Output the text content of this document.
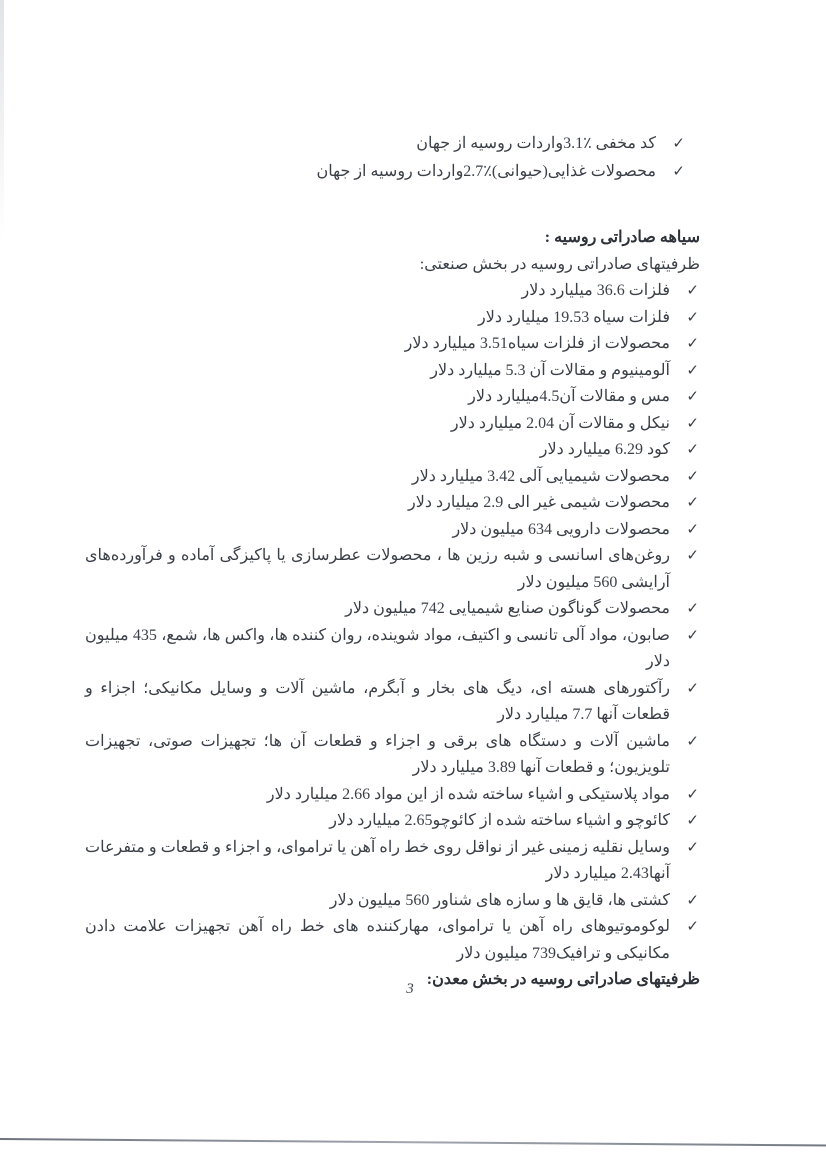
✓
کد مخفی ٪3.1واردات روسیه از جهان
✓
محصولات غذایی(حیوانی)٪2.7واردات روسیه از جهان
سیاهه صادراتی روسیه :
ظرفیتهای صادراتی روسیه در بخش صنعتی:
✓
فلزات 36.6 میلیارد دلار
✓
فلزات سیاه 19.53 میلیارد دلار
✓
محصولات از فلزات سیاه3.51 میلیارد دلار
✓
آلومینیوم و مقالات آن 5.3 میلیارد دلار
✓
مس و مقالات آن4.5میلیارد دلار
✓
نیکل و مقالات آن 2.04 میلیارد دلار
✓
کود 6.29 میلیارد دلار
✓
محصولات شیمیایی آلی 3.42 میلیارد دلار
✓
محصولات شیمی غیر الی 2.9 میلیارد دلار
✓
محصولات دارویی 634 میلیون دلار
✓
روغن‌های اسانسی و شبه رزین ها ، محصولات عطرسازی یا پاکیزگی آماده و فرآورده‌های آرایشی 560 میلیون دلار
✓
محصولات گوناگون صنایع شیمیایی 742 میلیون دلار
✓
صابون، مواد آلی تانسی و اکتیف، مواد شوینده، روان کننده ها، واکس ها، شمع، 435 میلیون دلار
✓
رآکتورهای هسته ای، دیگ های بخار و آبگرم، ماشین آلات و وسایل مکانیکی؛ اجزاء و قطعات آنها 7.7 میلیارد دلار
✓
ماشین آلات و دستگاه های برقی و اجزاء و قطعات آن ها؛ تجهیزات صوتی، تجهیزات تلویزیون؛ و قطعات آنها 3.89 میلیارد دلار
✓
مواد پلاستیکی و اشیاء ساخته شده از این مواد 2.66 میلیارد دلار
✓
کائوچو و اشیاء ساخته شده از کائوچو2.65 میلیارد دلار
✓
وسایل نقلیه زمینی غیر از نواقل روی خط راه آهن یا تراموای، و اجزاء و قطعات و متفرعات آنها2.43 میلیارد دلار
✓
کشتی ها، قایق ها و سازه های شناور 560 میلیون دلار
✓
لوکوموتیوهای راه آهن یا تراموای، مهارکننده های خط راه آهن تجهیزات علامت دادن مکانیکی و ترافیک739 میلیون دلار
ظرفیتهای صادراتی روسیه در بخش معدن:
3
